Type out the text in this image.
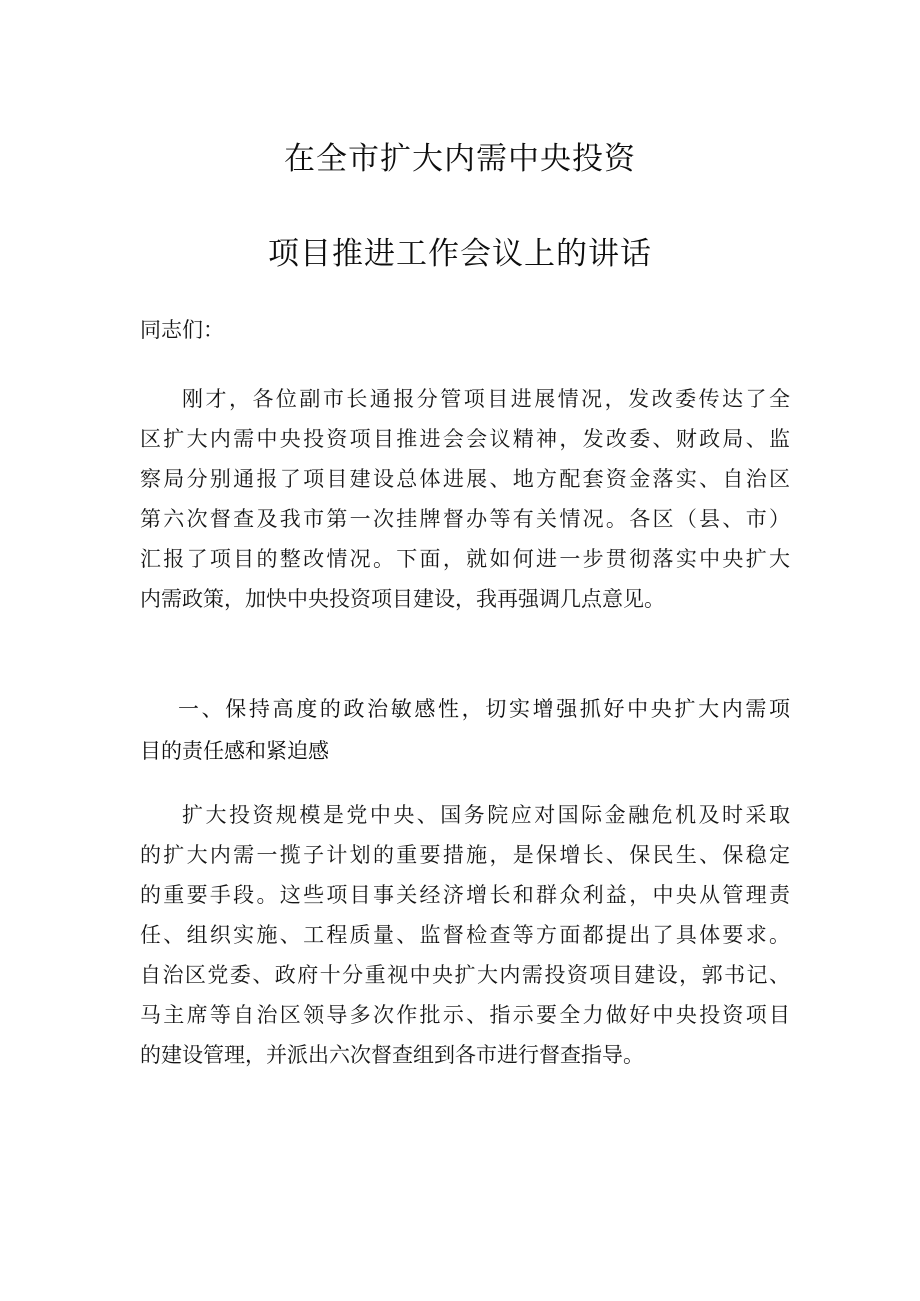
在全市扩大内需中央投资
项目推进工作会议上的讲话
同志们：
刚才，各位副市长通报分管项目进展情况，发改委传达了全
区扩大内需中央投资项目推进会会议精神，发改委、财政局、监
察局分别通报了项目建设总体进展、地方配套资金落实、自治区
第六次督查及我市第一次挂牌督办等有关情况。各区（县、市）
汇报了项目的整改情况。下面，就如何进一步贯彻落实中央扩大
内需政策，加快中央投资项目建设，我再强调几点意见。
一、保持高度的政治敏感性，切实增强抓好中央扩大内需项
目的责任感和紧迫感
扩大投资规模是党中央、国务院应对国际金融危机及时采取
的扩大内需一揽子计划的重要措施，是保增长、保民生、保稳定
的重要手段。这些项目事关经济增长和群众利益，中央从管理责
任、组织实施、工程质量、监督检查等方面都提出了具体要求。
自治区党委、政府十分重视中央扩大内需投资项目建设，郭书记、
马主席等自治区领导多次作批示、指示要全力做好中央投资项目
的建设管理，并派出六次督查组到各市进行督查指导。
